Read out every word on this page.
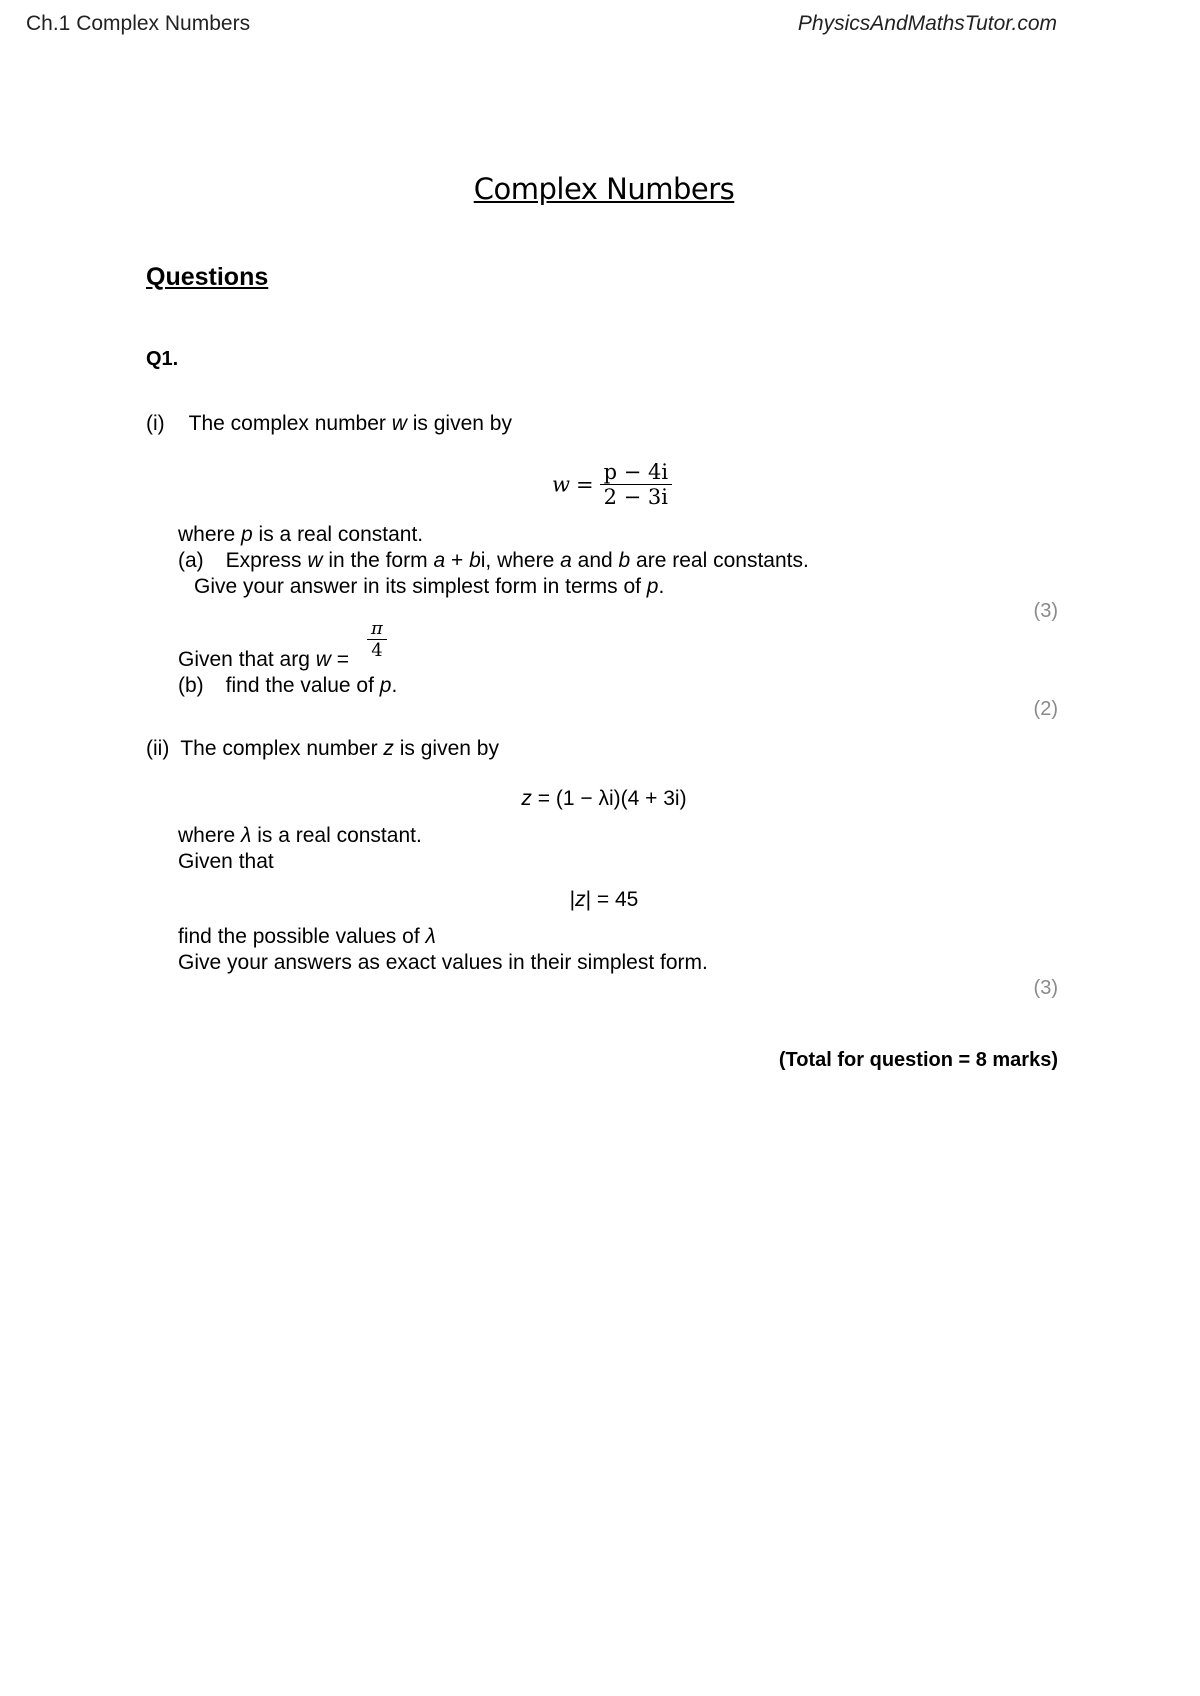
Ch.1 Complex Numbers	PhysicsAndMathsTutor.com
Complex Numbers
Questions
Q1.
(i) The complex number w is given by
$w = \frac{p - 4i}{2 - 3i}$
where p is a real constant.
(a) Express w in the form a + bi, where a and b are real constants.
Give your answer in its simplest form in terms of p.
(3)
Given that arg $w = \frac{\pi}{4}$
(b) find the value of p.
(2)
(ii) The complex number z is given by
z = (1 − λi)(4 + 3i)
where λ is a real constant.
Given that
|z| = 45
find the possible values of λ
Give your answers as exact values in their simplest form.
(3)
(Total for question = 8 marks)
